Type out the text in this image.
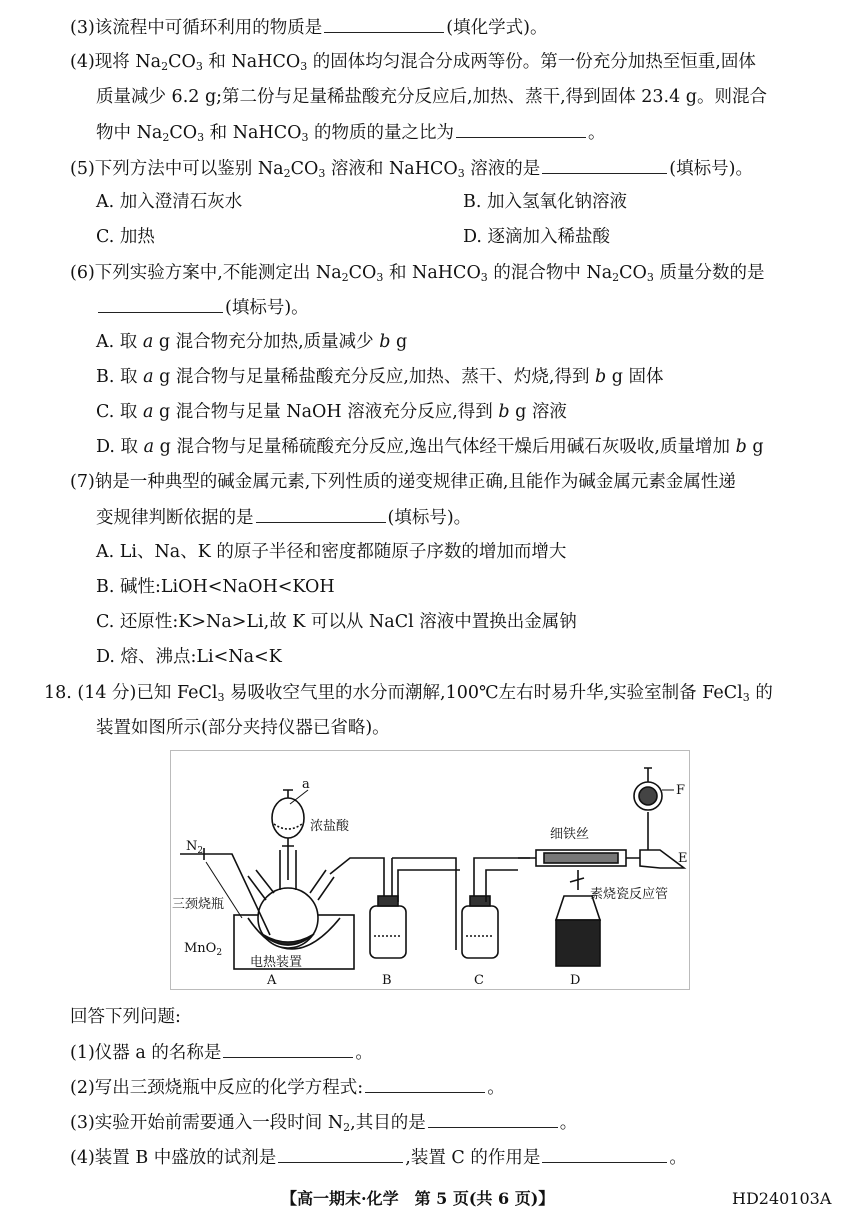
(3)该流程中可循环利用的物质是	(填化学式)。
(4)现将 $Na_2CO_3$ 和 NaHCO$_3$ 的固体均匀混合分成两等份。第一份充分加热至恒重,固体
质量减少 6.2 g;第二份与足量稀盐酸充分反应后,加热、蒸干,得到固体 23.4 g。则混合
物中 $Na_2CO_3$ 和 NaHCO$_3$ 的物质的量之比为	。
(5)下列方法中可以鉴别 $Na_2CO_3$ 溶液和 NaHCO$_3$ 溶液的是	(填标号)。
A. 加入澄清石灰水	B. 加入氢氧化钠溶液
C. 加热	D. 逐滴加入稀盐酸
(6)下列实验方案中,不能测定出 $Na_2CO_3$ 和 NaHCO$_3$ 的混合物中 $Na_2CO_3$ 质量分数的是
(填标号)。
A. 取 a g 混合物充分加热,质量减少 b g
B. 取 a g 混合物与足量稀盐酸充分反应,加热、蒸干、灼烧,得到 b g 固体
C. 取 a g 混合物与足量 NaOH 溶液充分反应,得到 b g 溶液
D. 取 a g 混合物与足量稀硫酸充分反应,逸出气体经干燥后用碱石灰吸收,质量增加 b g
(7)钠是一种典型的碱金属元素,下列性质的递变规律正确,且能作为碱金属元素金属性递
变规律判断依据的是	(填标号)。
A. Li、Na、K 的原子半径和密度都随原子序数的增加而增大
B. 碱性:LiOH<NaOH<KOH
C. 还原性:K>Na>Li,故 K 可以从 NaCl 溶液中置换出金属钠
D. 熔、沸点:Li<Na<K
18. (14 分)已知 FeCl$_3$ 易吸收空气里的水分而潮解,100℃左右时易升华,实验室制备 FeCl$_3$ 的
装置如图所示(部分夹持仪器已省略)。
a
浓盐酸
$N_2$
三颈烧瓶
MnO$_2$
电热装置
细铁丝
素烧瓷反应管
E
F
A	B	C	D
回答下列问题:
(1)仪器 a 的名称是	。
(2)写出三颈烧瓶中反应的化学方程式:	。
(3)实验开始前需要通入一段时间 $N_2$,其目的是	。
(4)装置 B 中盛放的试剂是	,装置 C 的作用是	。
【高一期末·化学　第 5 页(共 6 页)】	HD240103A
